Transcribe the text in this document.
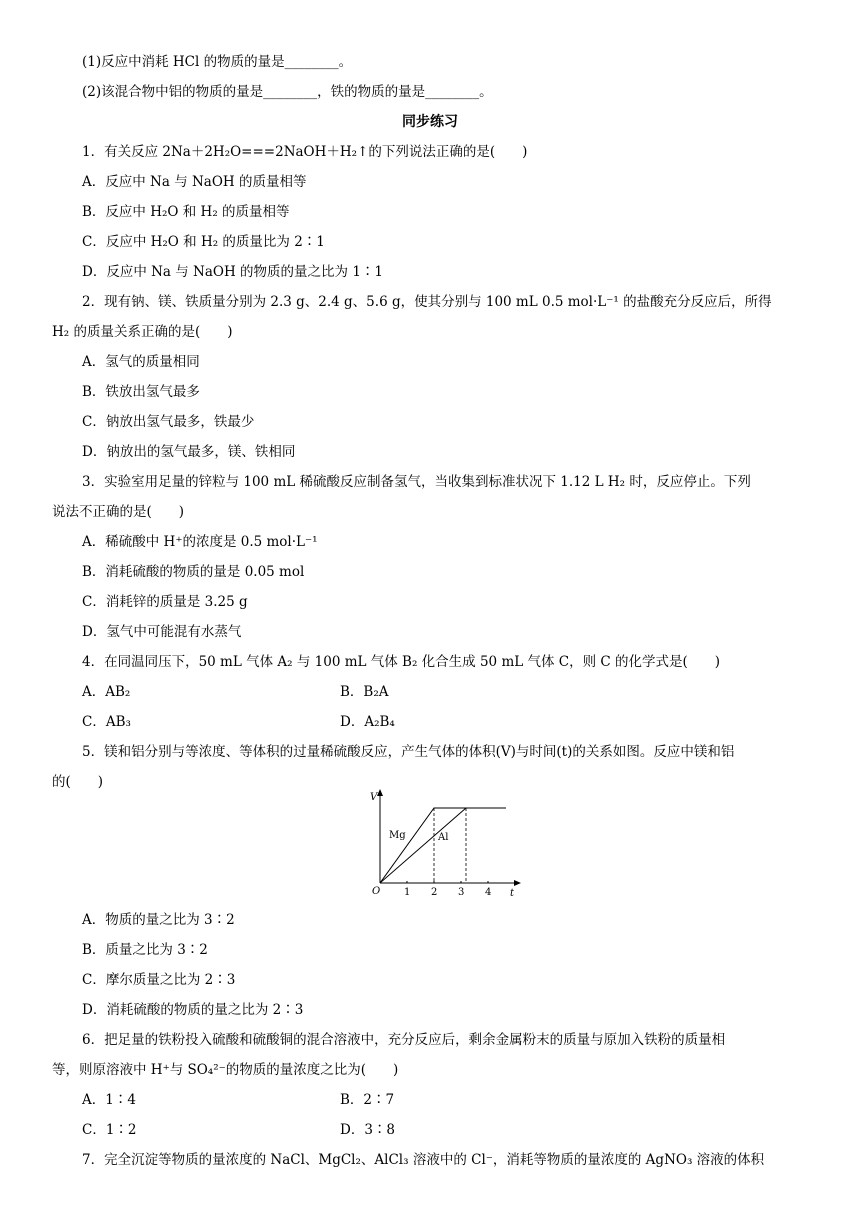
(1)反应中消耗 HCl 的物质的量是________。
(2)该混合物中铝的物质的量是________，铁的物质的量是________。
同步练习
1．有关反应 2Na＋2H₂O===2NaOH＋H₂↑的下列说法正确的是(　　)
A．反应中 Na 与 NaOH 的质量相等
B．反应中 H₂O 和 H₂ 的质量相等
C．反应中 H₂O 和 H₂ 的质量比为 2∶1
D．反应中 Na 与 NaOH 的物质的量之比为 1∶1
2．现有钠、镁、铁质量分别为 2.3 g、2.4 g、5.6 g，使其分别与 100 mL 0.5 mol·L⁻¹ 的盐酸充分反应后，所得
H₂ 的质量关系正确的是(　　)
A．氢气的质量相同
B．铁放出氢气最多
C．钠放出氢气最多，铁最少
D．钠放出的氢气最多，镁、铁相同
3．实验室用足量的锌粒与 100 mL 稀硫酸反应制备氢气，当收集到标准状况下 1.12 L H₂ 时，反应停止。下列
说法不正确的是(　　)
A．稀硫酸中 H⁺的浓度是 0.5 mol·L⁻¹
B．消耗硫酸的物质的量是 0.05 mol
C．消耗锌的质量是 3.25 g
D．氢气中可能混有水蒸气
4．在同温同压下，50 mL 气体 A₂ 与 100 mL 气体 B₂ 化合生成 50 mL 气体 C，则 C 的化学式是(　　)
A．AB₂	B．B₂A
C．AB₃	D．A₂B₄
5．镁和铝分别与等浓度、等体积的过量稀硫酸反应，产生气体的体积(V)与时间(t)的关系如图。反应中镁和铝
的(　　)
A．物质的量之比为 3∶2
B．质量之比为 3∶2
C．摩尔质量之比为 2∶3
D．消耗硫酸的物质的量之比为 2∶3
6．把足量的铁粉投入硫酸和硫酸铜的混合溶液中，充分反应后，剩余金属粉末的质量与原加入铁粉的质量相
等，则原溶液中 H⁺与 SO₄²⁻的物质的量浓度之比为(　　)
A．1∶4	B．2∶7
C．1∶2	D．3∶8
7．完全沉淀等物质的量浓度的 NaCl、MgCl₂、AlCl₃ 溶液中的 Cl⁻，消耗等物质的量浓度的 AgNO₃ 溶液的体积
V
t
O 1 2 3 4
Mg	Al
